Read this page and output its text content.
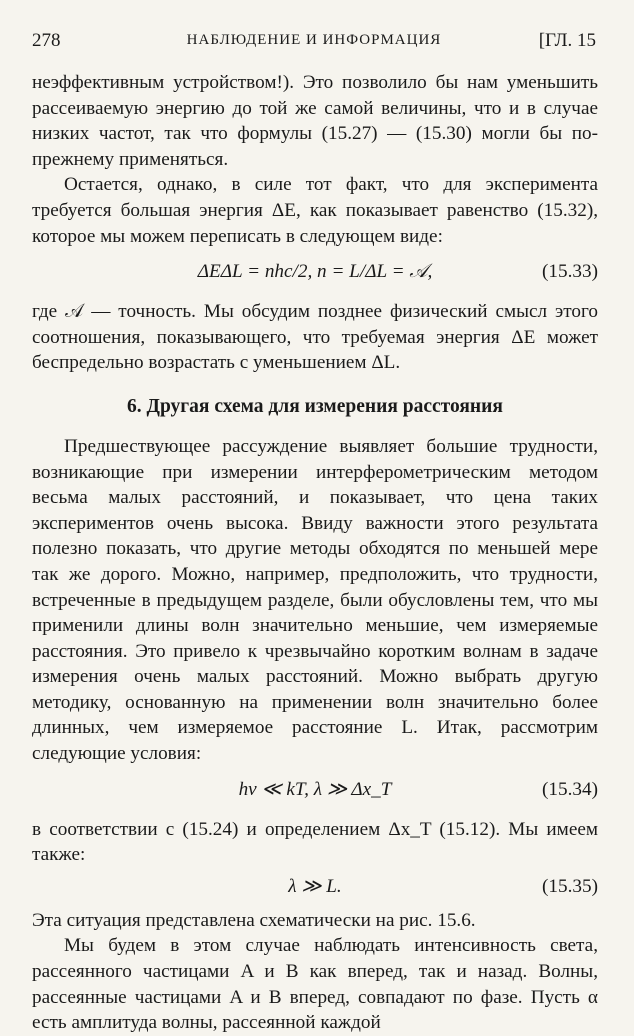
278	НАБЛЮДЕНИЕ И ИНФОРМАЦИЯ	[ГЛ. 15

неэффективным устройством!). Это позволило бы нам уменьшить рассеиваемую энергию до той же самой величины, что и в случае низких частот, так что формулы (15.27) — (15.30) могли бы по-прежнему применяться.

Остается, однако, в силе тот факт, что для эксперимента требуется большая энергия ΔE, как показывает равенство (15.32), которое мы можем переписать в следующем виде:

ΔEΔL = nhc/2, n = L/ΔL = 𝒜,	(15.33)

где 𝒜 — точность. Мы обсудим позднее физический смысл этого соотношения, показывающего, что требуемая энергия ΔE может беспредельно возрастать с уменьшением ΔL.

6. Другая схема для измерения расстояния

Предшествующее рассуждение выявляет большие трудности, возникающие при измерении интерферометрическим методом весьма малых расстояний, и показывает, что цена таких экспериментов очень высока. Ввиду важности этого результата полезно показать, что другие методы обходятся по меньшей мере так же дорого. Можно, например, предположить, что трудности, встреченные в предыдущем разделе, были обусловлены тем, что мы применили длины волн значительно меньшие, чем измеряемые расстояния. Это привело к чрезвычайно коротким волнам в задаче измерения очень малых расстояний. Можно выбрать другую методику, основанную на применении волн значительно более длинных, чем измеряемое расстояние L. Итак, рассмотрим следующие условия:

hν ≪ kT, λ ≫ Δx_T	(15.34)

в соответствии с (15.24) и определением Δx_T (15.12). Мы имеем также:

λ ≫ L.	(15.35)

Эта ситуация представлена схематически на рис. 15.6.

Мы будем в этом случае наблюдать интенсивность света, рассеянного частицами A и B как вперед, так и назад. Волны, рассеянные частицами A и B вперед, совпадают по фазе. Пусть α есть амплитуда волны, рассеянной каждой
